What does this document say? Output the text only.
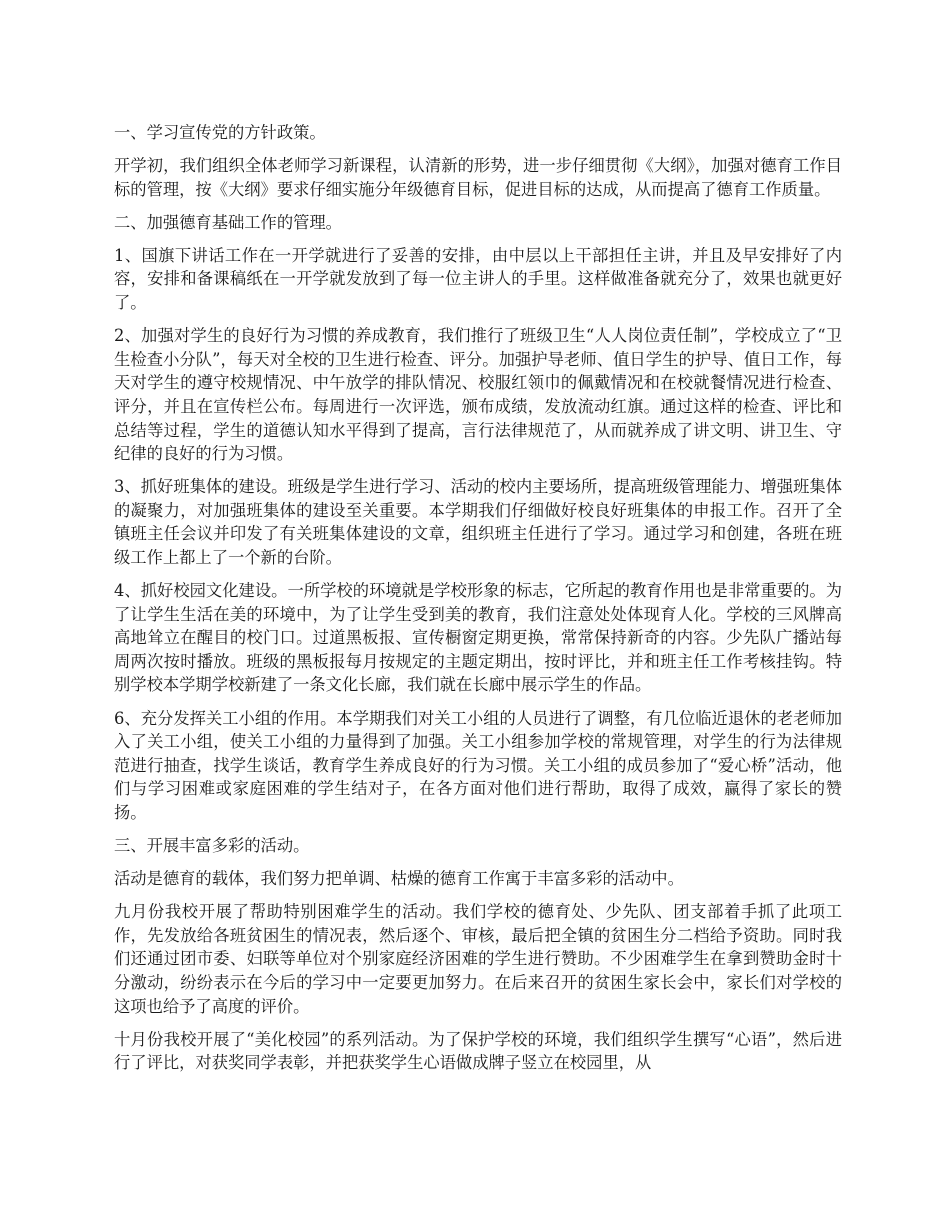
一、学习宣传党的方针政策。

开学初，我们组织全体老师学习新课程，认清新的形势，进一步仔细贯彻《大纲》，加强对德育工作目标的管理，按《大纲》要求仔细实施分年级德育目标，促进目标的达成，从而提高了德育工作质量。

二、加强德育基础工作的管理。

1、国旗下讲话工作在一开学就进行了妥善的安排，由中层以上干部担任主讲，并且及早安排好了内容，安排和备课稿纸在一开学就发放到了每一位主讲人的手里。这样做准备就充分了，效果也就更好了。

2、加强对学生的良好行为习惯的养成教育，我们推行了班级卫生“人人岗位责任制”，学校成立了“卫生检查小分队”，每天对全校的卫生进行检查、评分。加强护导老师、值日学生的护导、值日工作，每天对学生的遵守校规情况、中午放学的排队情况、校服红领巾的佩戴情况和在校就餐情况进行检查、评分，并且在宣传栏公布。每周进行一次评选，颁布成绩，发放流动红旗。通过这样的检查、评比和总结等过程，学生的道德认知水平得到了提高，言行法律规范了，从而就养成了讲文明、讲卫生、守纪律的良好的行为习惯。

3、抓好班集体的建设。班级是学生进行学习、活动的校内主要场所，提高班级管理能力、增强班集体的凝聚力，对加强班集体的建设至关重要。本学期我们仔细做好校良好班集体的申报工作。召开了全镇班主任会议并印发了有关班集体建设的文章，组织班主任进行了学习。通过学习和创建，各班在班级工作上都上了一个新的台阶。

4、抓好校园文化建设。一所学校的环境就是学校形象的标志，它所起的教育作用也是非常重要的。为了让学生生活在美的环境中，为了让学生受到美的教育，我们注意处处体现育人化。学校的三风牌高高地耸立在醒目的校门口。过道黑板报、宣传橱窗定期更换，常常保持新奇的内容。少先队广播站每周两次按时播放。班级的黑板报每月按规定的主题定期出，按时评比，并和班主任工作考核挂钩。特别学校本学期学校新建了一条文化长廊，我们就在长廊中展示学生的作品。

6、充分发挥关工小组的作用。本学期我们对关工小组的人员进行了调整，有几位临近退休的老老师加入了关工小组，使关工小组的力量得到了加强。关工小组参加学校的常规管理，对学生的行为法律规范进行抽查，找学生谈话，教育学生养成良好的行为习惯。关工小组的成员参加了“爱心桥”活动，他们与学习困难或家庭困难的学生结对子，在各方面对他们进行帮助，取得了成效，赢得了家长的赞扬。

三、开展丰富多彩的活动。

活动是德育的载体，我们努力把单调、枯燥的德育工作寓于丰富多彩的活动中。

九月份我校开展了帮助特别困难学生的活动。我们学校的德育处、少先队、团支部着手抓了此项工作，先发放给各班贫困生的情况表，然后逐个、审核，最后把全镇的贫困生分二档给予资助。同时我们还通过团市委、妇联等单位对个别家庭经济困难的学生进行赞助。不少困难学生在拿到赞助金时十分激动，纷纷表示在今后的学习中一定要更加努力。在后来召开的贫困生家长会中，家长们对学校的这项也给予了高度的评价。

十月份我校开展了“美化校园”的系列活动。为了保护学校的环境，我们组织学生撰写“心语”，然后进行了评比，对获奖同学表彰，并把获奖学生心语做成牌子竖立在校园里，从
